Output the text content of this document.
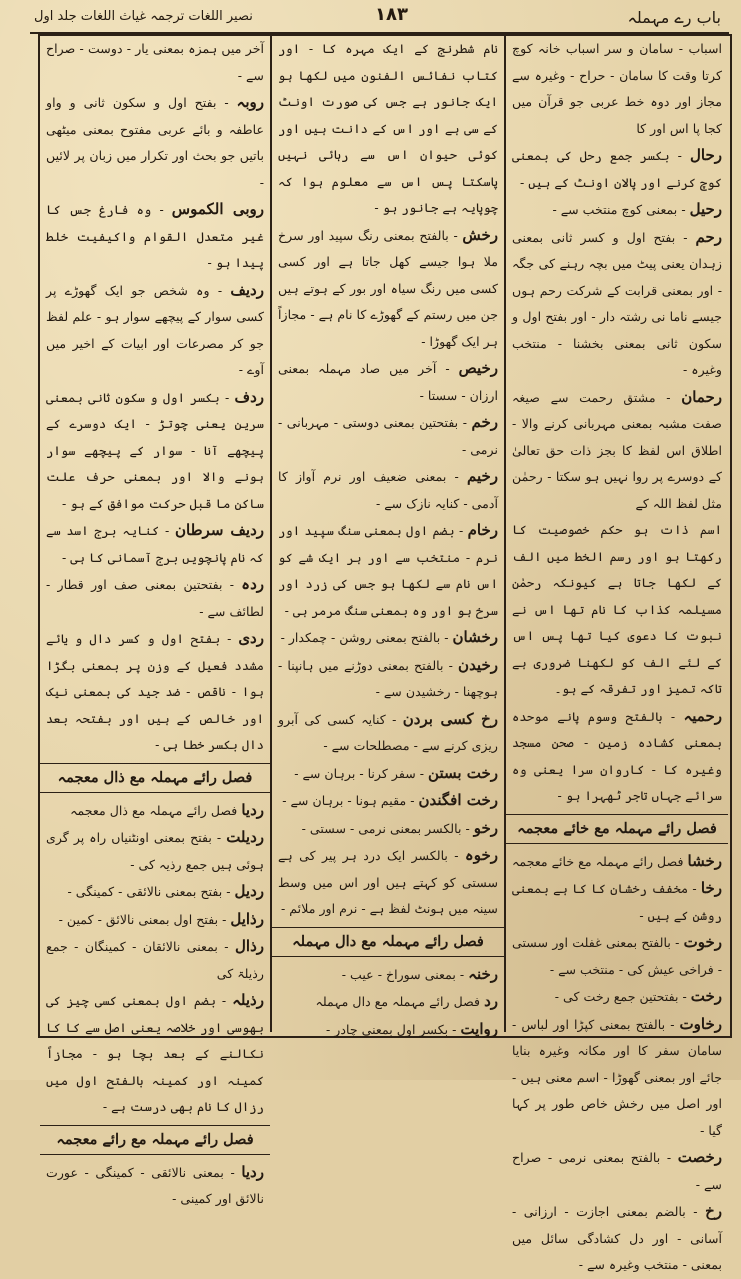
باب رے مہملہ
۱۸۳
نصیر اللغات ترجمہ غیاث اللغات جلد اول
اسباب - سامان و سر اسباب خانہ کوچ کرتا وقت کا سامان - حراح - وغیرہ سے مجاز اور دوہ خط عربی جو قرآن میں کجا پا اس اور کا
رحال - بکسر جمع رحل کی بمعنی کوچ کرنے اور پالان اونٹ کے ہیں -
رحیل - بمعنی کوچ منتخب سے -
رحم - بفتح اول و کسر ثانی بمعنی زہدان یعنی پیٹ میں بچہ رہنے کی جگہ - اور بمعنی قرابت کے شرکت رحم ہوں جیسے ناما نی رشتہ دار - اور بفتح اول و سکون ثانی بمعنی بخشنا - منتخب وغیرہ -
رحمان - مشتق رحمت سے صیغہ صفت مشبہ بمعنی مہربانی کرنے والا - اطلاق اس لفظ کا بجز ذات حق تعالیٰ کے دوسرے پر روا نہیں ہو سکتا - رحمٰن مثل لفظ اللہ کے
اسم ذات ہو حکم خصوصیت کا رکھتا ہو اور رسم الخط میں الف کے لکھا جاتا ہے کیونکہ رحمٰن مسیلمہ کذاب کا نام تھا اس نے نبوت کا دعوی کیا تھا پس اس کے لئے الف کو لکھنا ضروری ہے تاکہ تمیز اور تفرقہ کے ہو۔
رحمیہ - بالفتح وسوم پانے موحدہ بمعنی کشادہ زمین - صحن مسجد وغیرہ کا - کاروان سرا یعنی وہ سرائے جہاں تاجر ٹھہرا ہو -
فصل رائے مہملہ مع خائے معجمہ
رخشا فصل رائے مہملہ مع خائے معجمہ
رخا - مخفف رخشان کا کا ہے بمعنی روشن کے ہیں -
رخوت - بالفتح بمعنی غفلت اور سستی - فراخی عیش کی - منتخب سے -
رخت - بفتحتین جمع رخت کی -
رخاوت - بالفتح بمعنی کپڑا اور لباس - سامان سفر کا اور مکانہ وغیرہ بنایا جائے اور بمعنی گھوڑا - اسم معنی ہیں - اور اصل میں رخش خاص طور پر کہا گیا -
رخصت - بالفتح بمعنی نرمی - صراح سے -
رخ - بالضم بمعنی اجازت - ارزانی - آسانی - اور دل کشادگی سائل میں بمعنی - منتخب وغیرہ سے -
نام شطرنج کے ایک مہرہ کا - اور کتاب نفائس الفنون میں لکھا ہو ایک جانور ہے جس کی صورت اونٹ کے سی ہے اور اس کے دانت ہیں اور کوئی حیوان اس سے رہائی نہیں پاسکتا پس اس سے معلوم ہوا کہ چوپایہ ہے جانور ہو -
رخش - بالفتح بمعنی رنگ سپید اور سرخ ملا ہوا جیسے کھل جاتا ہے اور کسی کسی میں رنگ سیاہ اور بور کے ہوتے ہیں جن میں رستم کے گھوڑے کا نام ہے - مجازاً ہر ایک گھوڑا -
رخیص - آخر میں صاد مہملہ بمعنی ارزان - سستا -
رخم - بفتحتین بمعنی دوستی - مہربانی - نرمی -
رخیم - بمعنی ضعیف اور نرم آواز کا آدمی - کنایہ نازک سے -
رخام - بضم اول بمعنی سنگ سپید اور نرم - منتخب سے اور ہر ایک شے کو اس نام سے لکھا ہو جس کی زرد اور سرخ ہو اور وہ بمعنی سنگ مرمر ہی -
رخشان - بالفتح بمعنی روشن - چمکدار -
رخیدن - بالفتح بمعنی دوڑنے میں ہانپنا - ہوچھنا - رخشیدن سے -
رخ کسی بردن - کنایہ کسی کی آبرو ریزی کرنے سے - مصطلحات سے -
رخت بستن - سفر کرنا - برہان سے -
رخت افگندن - مقیم ہونا - برہان سے -
رخو - بالکسر بمعنی نرمی - سستی -
رخوہ - بالکسر ایک درد ہر پیر کی ہے سستی کو کہتے ہیں اور اس میں وسط سینہ میں ہونٹ لفظ ہے - نرم اور ملائم -
فصل رائے مہملہ مع دال مہملہ
رخنہ - بمعنی سوراخ - عیب -
رد فصل رائے مہملہ مع دال مہملہ
روایت - بکسر اول بمعنی چادر -
آخر میں ہمزہ بمعنی یار - دوست - صراح سے -
روبہ - بفتح اول و سکون ثانی و واو عاطفہ و بائے عربی مفتوح بمعنی میٹھی باتیں جو بحث اور تکرار میں زبان پر لائیں -
روبی الکموس - وہ فارغ جس کا غیر متعدل القوام واکیفیت خلط پیدا ہو -
ردیف - وہ شخص جو ایک گھوڑے پر کسی سوار کے پیچھے سوار ہو - علم لفظ جو کر مصرعات اور ابیات کے اخیر میں آوے -
ردف - بکسر اول و سکون ثانی بمعنی سرین یعنی چوتڑ - ایک دوسرے کے پیچھے آنا - سوار کے پیچھے سوار ہونے والا اور بمعنی حرف علت ساکن ما قبل حرکت موافق کے ہو -
ردیف سرطان - کنایہ برج اسد سے کہ نام پانچویں برج آسمانی کا ہی -
ردہ - بفتحتین بمعنی صف اور قطار - لطائف سے -
ردی - بفتح اول و کسر دال و یائے مشدد فعیل کے وزن پر بمعنی بگڑا ہوا - ناقص - ضد جید کی بمعنی نیک اور خالص کے ہیں اور بفتحہ بعد دال بکسر خطا ہی -
فصل رائے مہملہ مع ذال معجمہ
ردیا فصل رائے مہملہ مع ذال معجمہ
ردیلت - بفتح بمعنی اونٹنیاں راہ پر گری ہوئی ہیں جمع رذیہ کی -
ردیل - بفتح بمعنی نالائقی - کمینگی -
رذایل - بفتح اول بمعنی نالائق - کمین -
رذال - بمعنی نالائقان - کمینگان - جمع رذیلۃ کی
رذیلہ - بضم اول بمعنی کسی چیز کی بھوسی اور خلاصہ یعنی اصل سے کا کا نکالنے کے بعد بچا ہو - مجازاً کمینہ اور کمینہ بالفتح اول میں رزال کا نام بھی درست ہے -
فصل رائے مہملہ مع رائے معجمہ
ردیا - بمعنی نالائقی - کمینگی - عورت نالائق اور کمینی -
